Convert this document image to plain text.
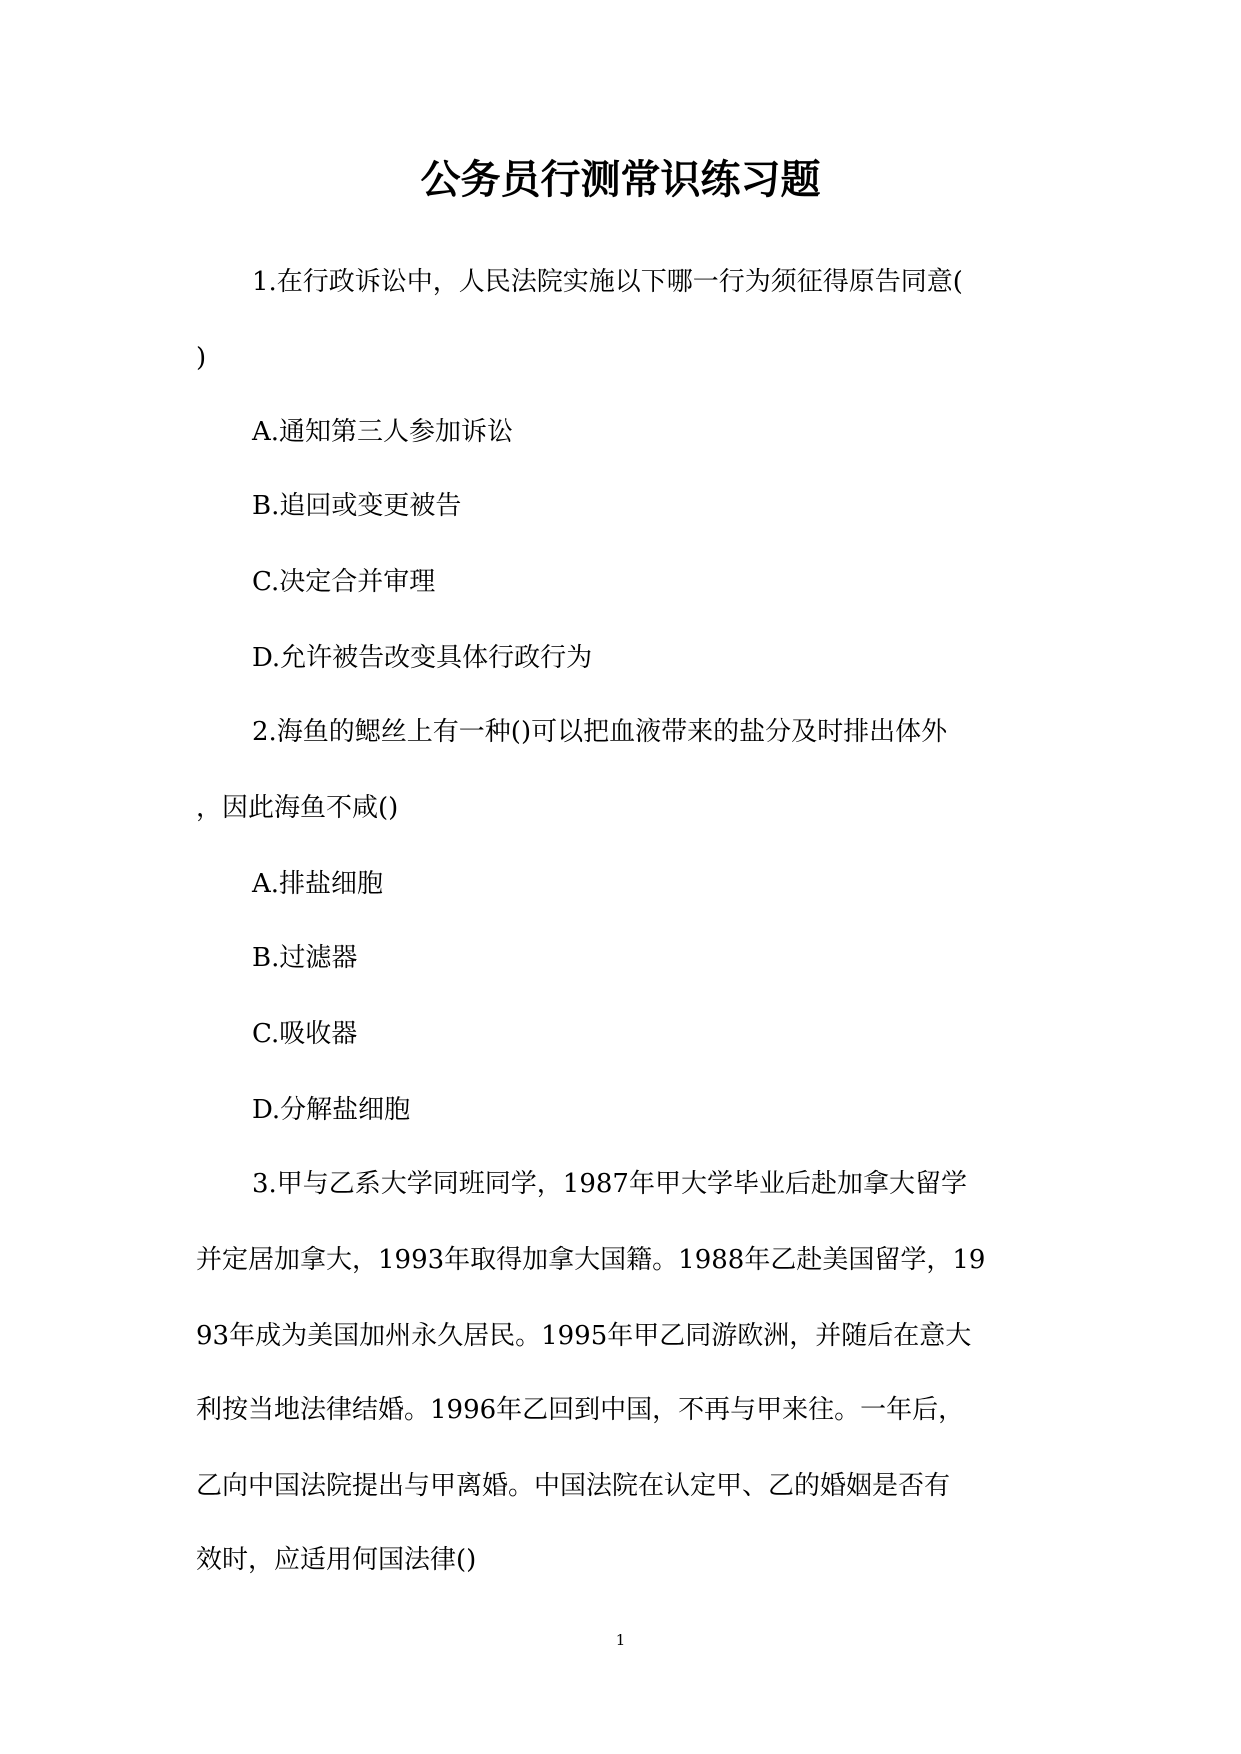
公务员行测常识练习题
1.在行政诉讼中，人民法院实施以下哪一行为须征得原告同意(
)
A.通知第三人参加诉讼
B.追回或变更被告
C.决定合并审理
D.允许被告改变具体行政行为
2.海鱼的鳃丝上有一种()可以把血液带来的盐分及时排出体外
，因此海鱼不咸()
A.排盐细胞
B.过滤器
C.吸收器
D.分解盐细胞
3.甲与乙系大学同班同学，1987年甲大学毕业后赴加拿大留学
并定居加拿大，1993年取得加拿大国籍。1988年乙赴美国留学，19
93年成为美国加州永久居民。1995年甲乙同游欧洲，并随后在意大
利按当地法律结婚。1996年乙回到中国，不再与甲来往。一年后，
乙向中国法院提出与甲离婚。中国法院在认定甲、乙的婚姻是否有
效时，应适用何国法律()
1
